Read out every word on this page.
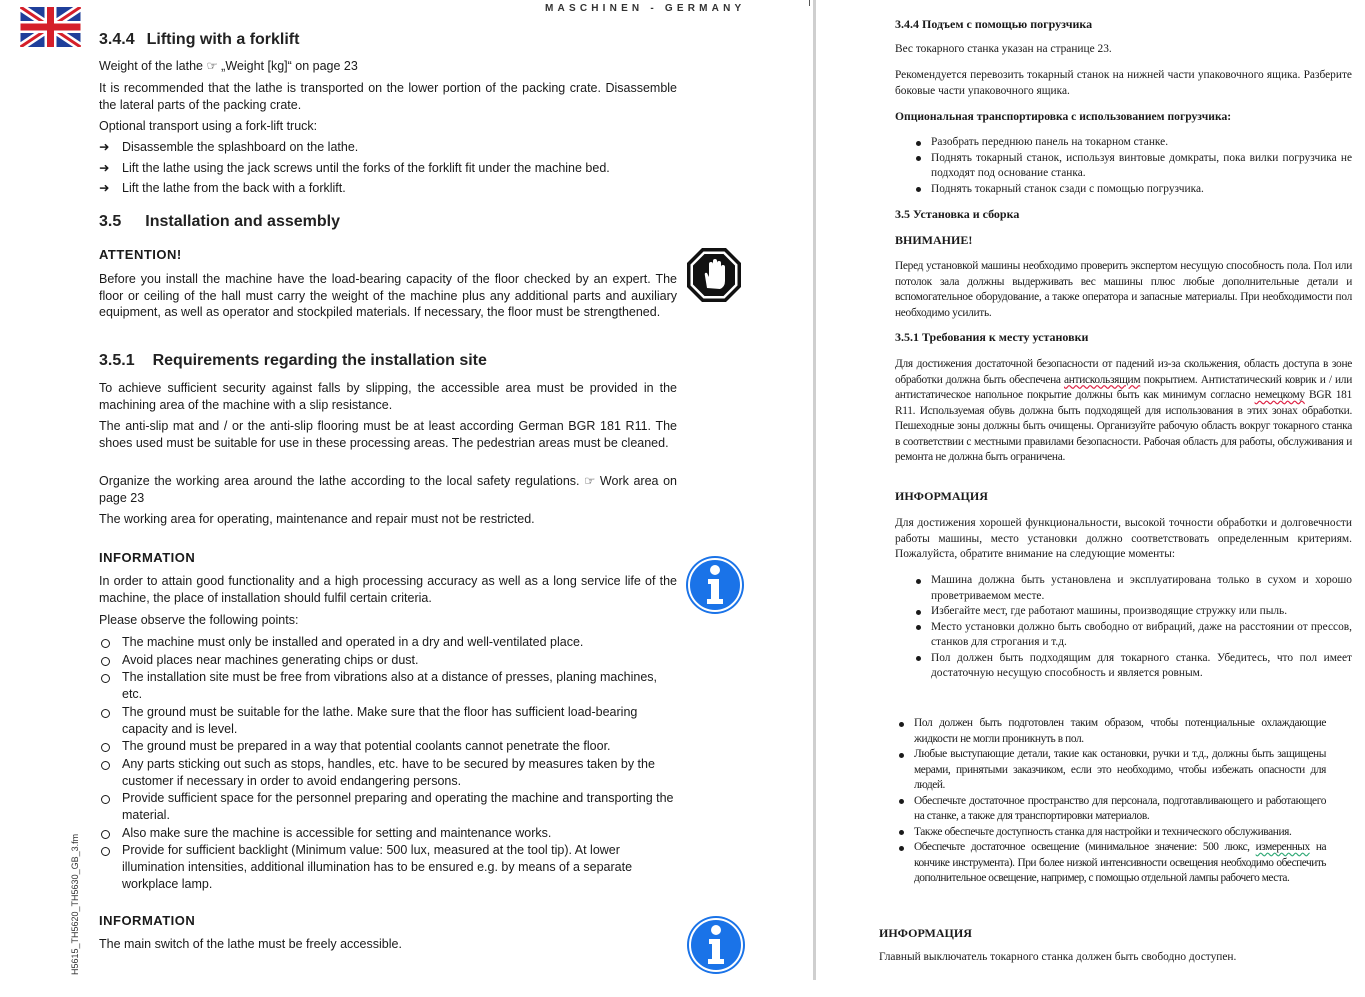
MASCHINEN - GERMANY
H5615_TH5620_TH5630_GB_3.fm
3.4.4 Lifting with a forklift
Weight of the lathe ☞ „Weight [kg]“ on page 23
It is recommended that the lathe is transported on the lower portion of the packing crate. Disassemble the lateral parts of the packing crate.
Optional transport using a fork-lift truck:
➜ Disassemble the splashboard on the lathe.
➜ Lift the lathe using the jack screws until the forks of the forklift fit under the machine bed.
➜ Lift the lathe from the back with a forklift.
3.5 Installation and assembly
ATTENTION!
Before you install the machine have the load-bearing capacity of the floor checked by an expert. The floor or ceiling of the hall must carry the weight of the machine plus any additional parts and auxiliary equipment, as well as operator and stockpiled materials. If necessary, the floor must be strengthened.
3.5.1 Requirements regarding the installation site
To achieve sufficient security against falls by slipping, the accessible area must be provided in the machining area of the machine with a slip resistance.
The anti-slip mat and / or the anti-slip flooring must be at least according German BGR 181 R11. The shoes used must be suitable for use in these processing areas. The pedestrian areas must be cleaned.
Organize the working area around the lathe according to the local safety regulations. ☞ Work area on page 23
The working area for operating, maintenance and repair must not be restricted.
INFORMATION
In order to attain good functionality and a high processing accuracy as well as a long service life of the machine, the place of installation should fulfil certain criteria.
Please observe the following points:
The machine must only be installed and operated in a dry and well-ventilated place.
Avoid places near machines generating chips or dust.
The installation site must be free from vibrations also at a distance of presses, planing machines, etc.
The ground must be suitable for the lathe. Make sure that the floor has sufficient load-bearing capacity and is level.
The ground must be prepared in a way that potential coolants cannot penetrate the floor.
Any parts sticking out such as stops, handles, etc. have to be secured by measures taken by the customer if necessary in order to avoid endangering persons.
Provide sufficient space for the personnel preparing and operating the machine and transporting the material.
Also make sure the machine is accessible for setting and maintenance works.
Provide for sufficient backlight (Minimum value: 500 lux, measured at the tool tip). At lower illumination intensities, additional illumination has to be ensured e.g. by means of a separate workplace lamp.
INFORMATION
The main switch of the lathe must be freely accessible.
3.4.4 Подъем с помощью погрузчика
Вес токарного станка указан на странице 23.
Рекомендуется перевозить токарный станок на нижней части упаковочного ящика. Разберите боковые части упаковочного ящика.
Опциональная транспортировка с использованием погрузчика:
Разобрать переднюю панель на токарном станке.
Поднять токарный станок, используя винтовые домкраты, пока вилки погрузчика не подходят под основание станка.
Поднять токарный станок сзади с помощью погрузчика.
3.5 Установка и сборка
ВНИМАНИЕ!
Перед установкой машины необходимо проверить экспертом несущую способность пола. Пол или потолок зала должны выдерживать вес машины плюс любые дополнительные детали и вспомогательное оборудование, а также оператора и запасные материалы. При необходимости пол необходимо усилить.
3.5.1 Требования к месту установки
Для достижения достаточной безопасности от падений из-за скольжения, область доступа в зоне обработки должна быть обеспечена антискользящим покрытием. Антистатический коврик и / или антистатическое напольное покрытие должны быть как минимум согласно немецкому BGR 181 R11. Используемая обувь должна быть подходящей для использования в этих зонах обработки. Пешеходные зоны должны быть очищены. Организуйте рабочую область вокруг токарного станка в соответствии с местными правилами безопасности. Рабочая область для работы, обслуживания и ремонта не должна быть ограничена.
ИНФОРМАЦИЯ
Для достижения хорошей функциональности, высокой точности обработки и долговечности работы машины, место установки должно соответствовать определенным критериям. Пожалуйста, обратите внимание на следующие моменты:
Машина должна быть установлена и эксплуатирована только в сухом и хорошо проветриваемом месте.
Избегайте мест, где работают машины, производящие стружку или пыль.
Место установки должно быть свободно от вибраций, даже на расстоянии от прессов, станков для строгания и т.д.
Пол должен быть подходящим для токарного станка. Убедитесь, что пол имеет достаточную несущую способность и является ровным.
Пол должен быть подготовлен таким образом, чтобы потенциальные охлаждающие жидкости не могли проникнуть в пол.
Любые выступающие детали, такие как остановки, ручки и т.д., должны быть защищены мерами, принятыми заказчиком, если это необходимо, чтобы избежать опасности для людей.
Обеспечьте достаточное пространство для персонала, подготавливающего и работающего на станке, а также для транспортировки материалов.
Также обеспечьте доступность станка для настройки и технического обслуживания.
Обеспечьте достаточное освещение (минимальное значение: 500 люкс, измеренных на кончике инструмента). При более низкой интенсивности освещения необходимо обеспечить дополнительное освещение, например, с помощью отдельной лампы рабочего места.
ИНФОРМАЦИЯ
Главный выключатель токарного станка должен быть свободно доступен.
